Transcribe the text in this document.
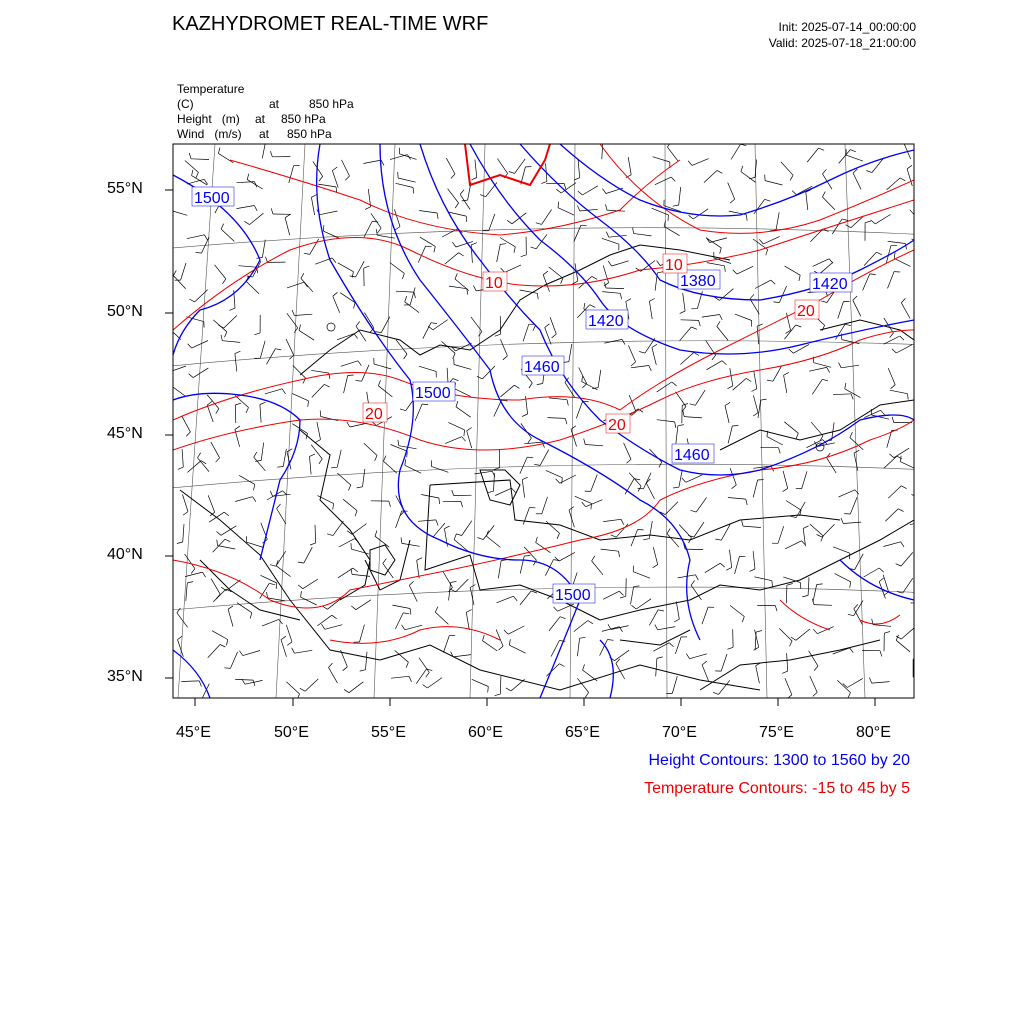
KAZHYDROMET REAL-TIME WRF	Init: 2025-07-14_00:00:00
Valid: 2025-07-18_21:00:00
Temperature   (C)	at 850 hPa
Height (m) at 850 hPa
Wind (m/s) at 850 hPa
1500
1420
1460
1500
1380	1420
1460
1500
10
10
20
20
20
55°N
50°N
45°N
40°N
35°N
45°E	50°E	55°E	60°E	65°E	70°E	75°E	80°E
Height Contours: 1300 to 1560 by 20
Temperature Contours: -15 to 45 by 5
